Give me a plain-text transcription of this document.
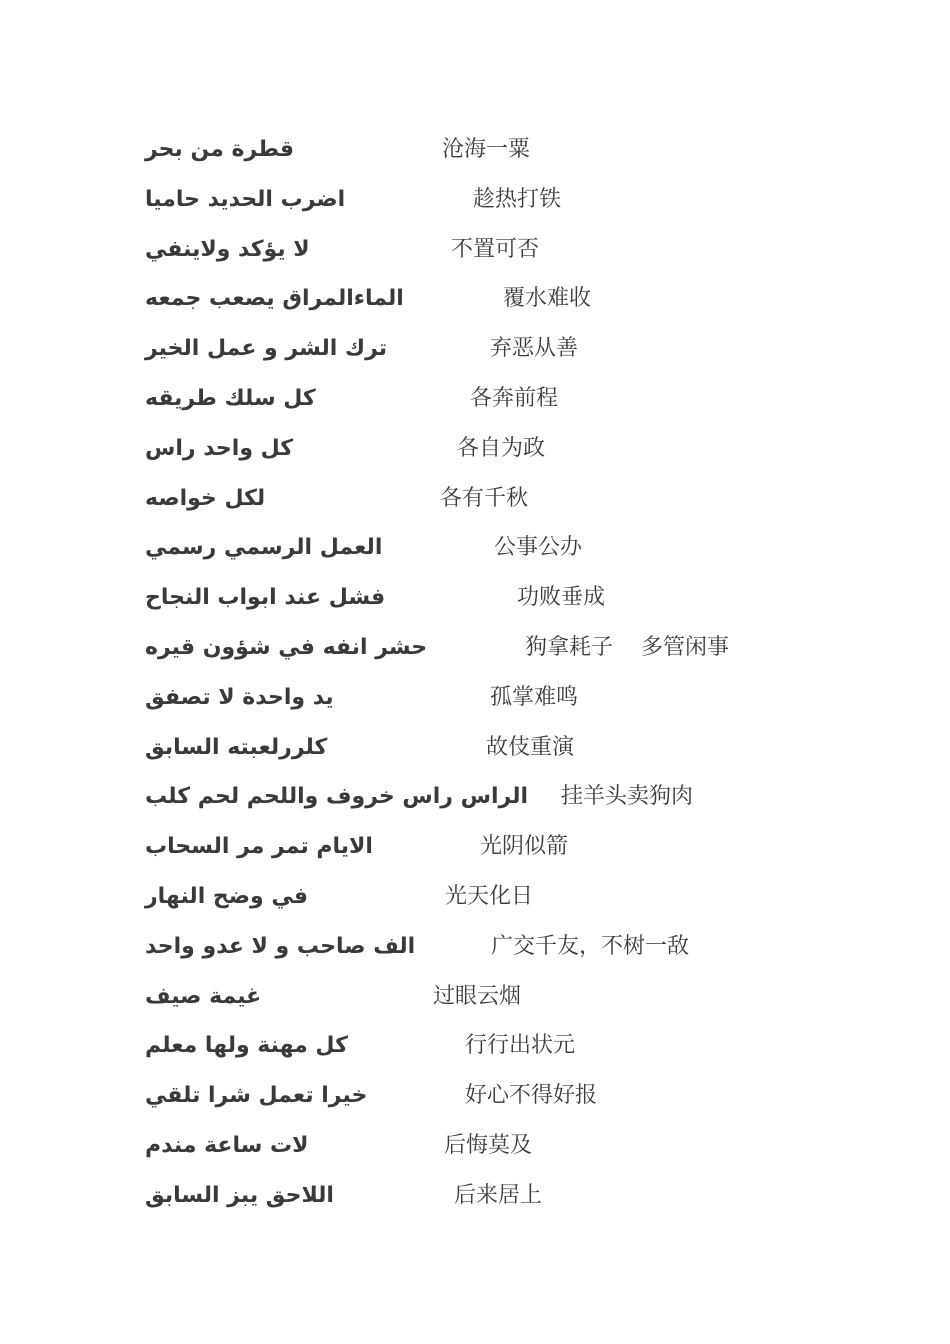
قطرة من بحر	沧海一粟
اضرب الحديد حاميا	趁热打铁
لا يؤكد ولاينفي	不置可否
الماءالمراق يصعب جمعه	覆水难收
ترك الشر و عمل الخير	弃恶从善
كل سلك طريقه	各奔前程
كل واحد راس	各自为政
لكل خواصه	各有千秋
العمل الرسمي رسمي	公事公办
فشل عند ابواب النجاح	功败垂成
حشر انفه في شؤون قيره	狗拿耗子    多管闲事
يد واحدة لا تصفق	孤掌难鸣
كلررلعبته السابق	故伎重演
الراس راس خروف واللحم لحم كلب 挂羊头卖狗肉
الايام تمر مر السحاب	光阴似箭
في وضح النهار	光天化日
الف صاحب و لا عدو واحد	广交千友，不树一敌
غيمة صيف	过眼云烟
كل مهنة ولها معلم	行行出状元
خيرا تعمل شرا تلقي	好心不得好报
لات ساعة مندم	后悔莫及
اللاحق يبز السابق	后来居上
